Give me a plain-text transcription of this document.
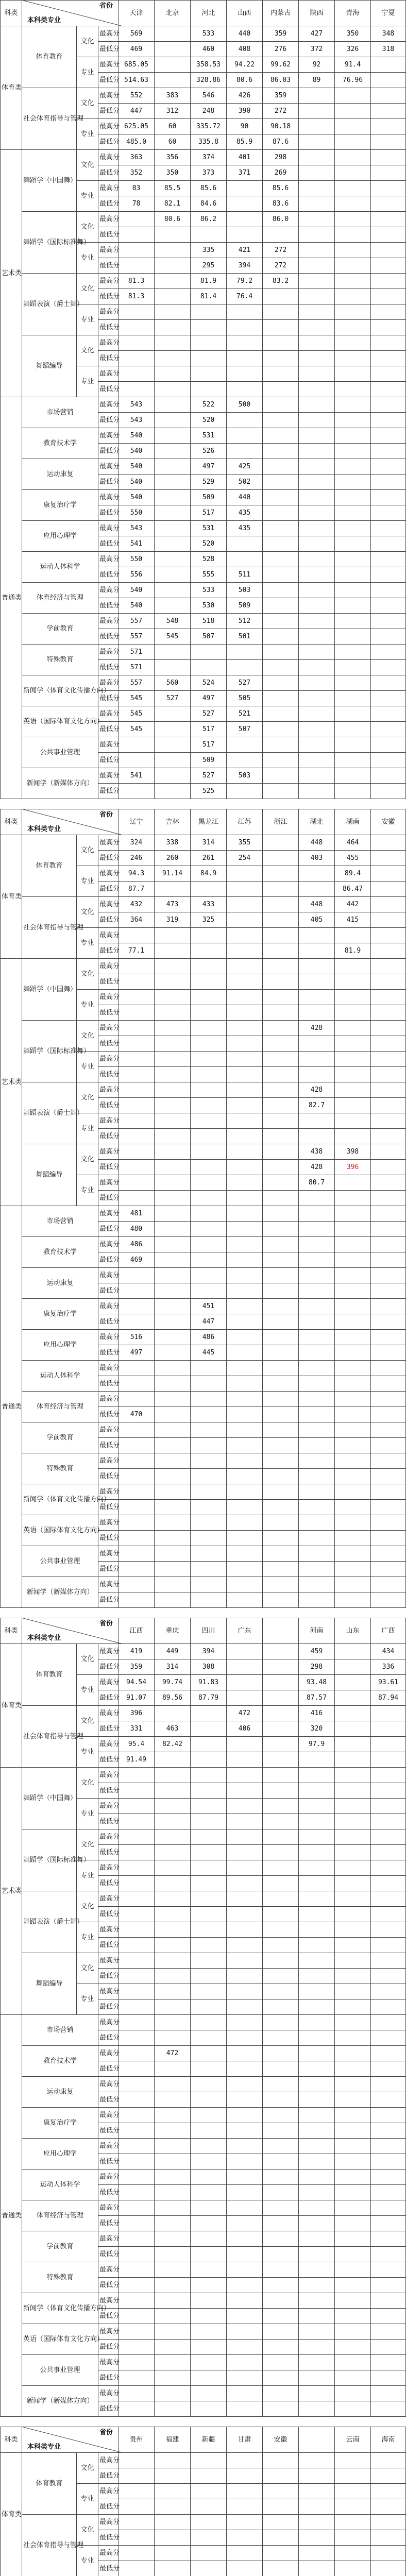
科类	省份
本科类专业			天津	北京	河北	山西	内蒙古	陕西	青海	宁夏

体育类	体育教育	文化	最高分	569		533	440	359	427	350	348
			最低分	469		460	408	276	372	326	318
		专业	最高分	685.05		358.53	94.22	99.62	92	91.4	
			最低分	514.63		328.86	80.6	86.03	89	76.96	
	社会体育指导与管理	文化	最高分	552	383	546	426	359			
			最低分	447	312	248	390	272			
		专业	最高分	625.05	60	335.72	90	90.18			
			最低分	485.0	60	335.8	85.9	87.6			
艺术类	舞蹈学（中国舞）	文化	最高分	363	356	374	401	298			
			最低分	352	350	373	371	269			
		专业	最高分	83	85.5	85.6		85.6			
			最低分	78	82.1	84.6		83.6			
	舞蹈学（国际标准舞）	文化	最高分		80.6	86.2		86.0			
			最低分								
		专业	最高分			335	421	272			
			最低分			295	394	272			
	舞蹈表演（爵士舞）	文化	最高分	81.3		81.9	79.2	83.2			
			最低分	81.3		81.4	76.4				
		专业	最高分								
			最低分								
	舞蹈编导	文化	最高分								
			最低分								
		专业	最高分								
			最低分								
普通类	市场营销		最高分	543		522	500				
			最低分	543		520					
	教育技术学		最高分	540		531					
			最低分	540		526					
	运动康复		最高分	540		497	425				
			最低分	540		529	502				
	康复治疗学		最高分	540		509	440				
			最低分	550		517	435				
	应用心理学		最高分	543		531	435				
			最低分	541		520					
	运动人体科学		最高分	550		528					
			最低分	556		555	511				
	体育经济与管理		最高分	540		533	503				
			最低分	540		530	509				
	学前教育		最高分	557	548	518	512				
			最低分	557	545	507	501				
	特殊教育		最高分	571							
			最低分	571							
	新闻学（体育文化传播方向）		最高分	557	560	524	527				
			最低分	545	527	497	505				
	英语（国际体育文化方向）		最高分	545		527	521				
			最低分	545		517	507				
	公共事业管理		最高分			517					
			最低分			509					
	新闻学（新媒体方向）		最高分	541		527	503				
			最低分			525					

科类	省份
本科类专业			辽宁	吉林	黑龙江	江苏	浙江	湖北	湖南	安徽

体育类	体育教育	文化	最高分	324	338	314	355		448	464	
			最低分	246	260	261	254		403	455	
		专业	最高分	94.3	91.14	84.9				89.4	
			最低分	87.7						86.47	
	社会体育指导与管理	文化	最高分	432	473	433			448	442	
			最低分	364	319	325			405	415	
		专业	最高分								
			最低分	77.1						81.9	
艺术类	舞蹈学（中国舞）	文化	最高分								
			最低分								
		专业	最高分								
			最低分								
	舞蹈学（国际标准舞）	文化	最高分						428		
			最低分								
		专业	最高分								
			最低分								
	舞蹈表演（爵士舞）	文化	最高分						428		
			最低分						82.7		
		专业	最高分								
			最低分								
	舞蹈编导	文化	最高分						438	398	
			最低分						428	396	
		专业	最高分						80.7		
			最低分								
普通类	市场营销		最高分	481							
			最低分	480							
	教育技术学		最高分	486							
			最低分	469							
	运动康复		最高分								
			最低分								
	康复治疗学		最高分			451					
			最低分			447					
	应用心理学		最高分	516		486					
			最低分	497		445					
	运动人体科学		最高分								
			最低分								
	体育经济与管理		最高分								
			最低分	470							
	学前教育		最高分								
			最低分								
	特殊教育		最高分								
			最低分								
	新闻学（体育文化传播方向）		最高分								
			最低分								
	英语（国际体育文化方向）		最高分								
			最低分								
	公共事业管理		最高分								
			最低分								
	新闻学（新媒体方向）		最高分								
			最低分								

科类	省份
本科类专业			江西	重庆	四川	广东		河南	山东	广西

体育类	体育教育	文化	最高分	419	449	394			459		434
			最低分	359	314	308			298		336
		专业	最高分	94.54	99.74	91.83			93.48		93.61
			最低分	91.07	89.56	87.79			87.57		87.94
	社会体育指导与管理	文化	最高分	396			472		416		
			最低分	331	463		406		320		
		专业	最高分	95.4	82.42				97.9		
			最低分	91.49							
艺术类	舞蹈学（中国舞）	文化	最高分								
			最低分								
		专业	最高分								
			最低分								
	舞蹈学（国际标准舞）	文化	最高分								
			最低分								
		专业	最高分								
			最低分								
	舞蹈表演（爵士舞）	文化	最高分								
			最低分								
		专业	最高分								
			最低分								
	舞蹈编导	文化	最高分								
			最低分								
		专业	最高分								
			最低分								
普通类	市场营销		最高分								
			最低分								
	教育技术学		最高分		472						
			最低分								
	运动康复		最高分								
			最低分								
	康复治疗学		最高分								
			最低分								
	应用心理学		最高分								
			最低分								
	运动人体科学		最高分								
			最低分								
	体育经济与管理		最高分								
			最低分								
	学前教育		最高分								
			最低分								
	特殊教育		最高分								
			最低分								
	新闻学（体育文化传播方向）		最高分								
			最低分								
	英语（国际体育文化方向）		最高分								
			最低分								
	公共事业管理		最高分								
			最低分								
	新闻学（新媒体方向）		最高分								
			最低分								

科类	省份
本科类专业			贵州	福建	新疆	甘肃	安徽		云南	海南

体育类	体育教育	文化	最高分								
			最低分								
		专业	最高分								
			最低分								
	社会体育指导与管理	文化	最高分								
			最低分								
		专业	最高分								
			最低分								
